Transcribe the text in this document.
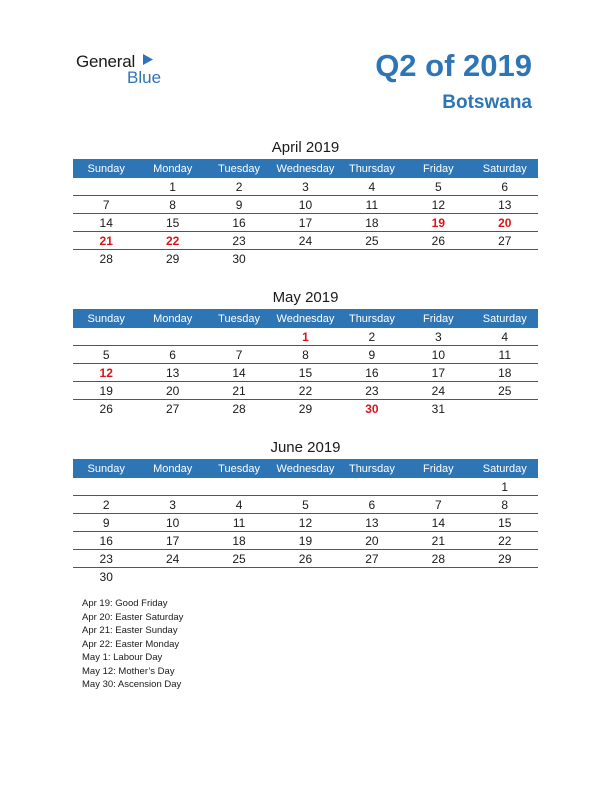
General
Blue	Q2 of 2019
Botswana
April 2019
Sunday	Monday	Tuesday	Wednesday	Thursday	Friday	Saturday
	1	2	3	4	5	6
7	8	9	10	11	12	13
14	15	16	17	18	19	20
21	22	23	24	25	26	27
28	29	30				
May 2019
Sunday	Monday	Tuesday	Wednesday	Thursday	Friday	Saturday
			1	2	3	4
5	6	7	8	9	10	11
12	13	14	15	16	17	18
19	20	21	22	23	24	25
26	27	28	29	30	31	
June 2019
Sunday	Monday	Tuesday	Wednesday	Thursday	Friday	Saturday
						1
2	3	4	5	6	7	8
9	10	11	12	13	14	15
16	17	18	19	20	21	22
23	24	25	26	27	28	29
30						
Apr 19: Good Friday
Apr 20: Easter Saturday
Apr 21: Easter Sunday
Apr 22: Easter Monday
May 1: Labour Day
May 12: Mother’s Day
May 30: Ascension Day
